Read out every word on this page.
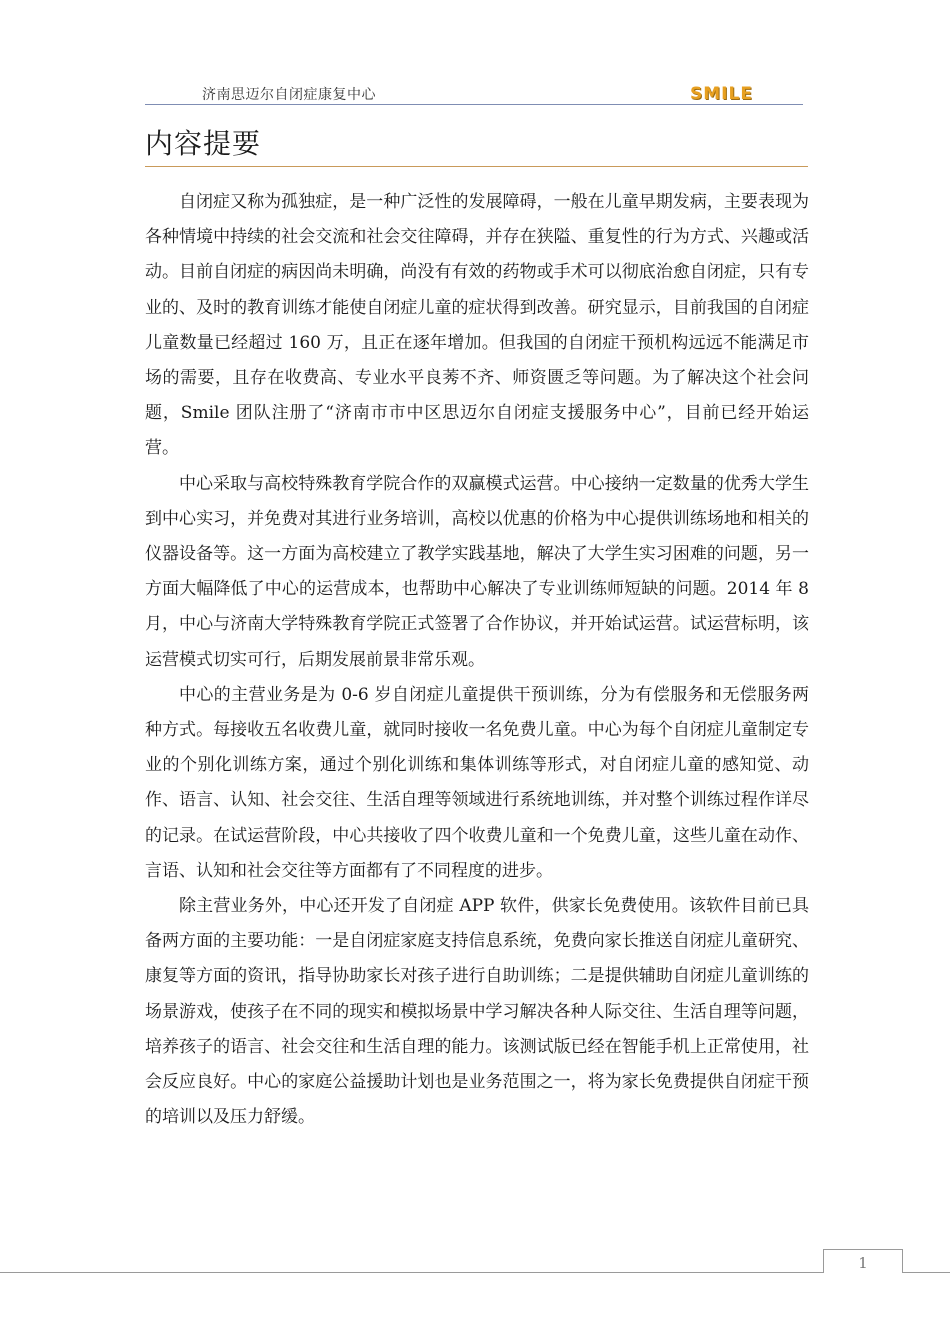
济南思迈尔自闭症康复中心	SMILE
内容提要

自闭症又称为孤独症，是一种广泛性的发展障碍，一般在儿童早期发病，主要表现为各种情境中持续的社会交流和社会交往障碍，并存在狭隘、重复性的行为方式、兴趣或活动。目前自闭症的病因尚未明确，尚没有有效的药物或手术可以彻底治愈自闭症，只有专业的、及时的教育训练才能使自闭症儿童的症状得到改善。研究显示，目前我国的自闭症儿童数量已经超过 160 万，且正在逐年增加。但我国的自闭症干预机构远远不能满足市场的需要，且存在收费高、专业水平良莠不齐、师资匮乏等问题。为了解决这个社会问题，Smile 团队注册了“济南市市中区思迈尔自闭症支援服务中心”，目前已经开始运营。

中心采取与高校特殊教育学院合作的双赢模式运营。中心接纳一定数量的优秀大学生到中心实习，并免费对其进行业务培训，高校以优惠的价格为中心提供训练场地和相关的仪器设备等。这一方面为高校建立了教学实践基地，解决了大学生实习困难的问题，另一方面大幅降低了中心的运营成本，也帮助中心解决了专业训练师短缺的问题。2014 年 8 月，中心与济南大学特殊教育学院正式签署了合作协议，并开始试运营。试运营标明，该运营模式切实可行，后期发展前景非常乐观。

中心的主营业务是为 0-6 岁自闭症儿童提供干预训练，分为有偿服务和无偿服务两种方式。每接收五名收费儿童，就同时接收一名免费儿童。中心为每个自闭症儿童制定专业的个别化训练方案，通过个别化训练和集体训练等形式，对自闭症儿童的感知觉、动作、语言、认知、社会交往、生活自理等领域进行系统地训练，并对整个训练过程作详尽的记录。在试运营阶段，中心共接收了四个收费儿童和一个免费儿童，这些儿童在动作、言语、认知和社会交往等方面都有了不同程度的进步。

除主营业务外，中心还开发了自闭症 APP 软件，供家长免费使用。该软件目前已具备两方面的主要功能：一是自闭症家庭支持信息系统，免费向家长推送自闭症儿童研究、康复等方面的资讯，指导协助家长对孩子进行自助训练；二是提供辅助自闭症儿童训练的场景游戏，使孩子在不同的现实和模拟场景中学习解决各种人际交往、生活自理等问题，培养孩子的语言、社会交往和生活自理的能力。该测试版已经在智能手机上正常使用，社会反应良好。中心的家庭公益援助计划也是业务范围之一，将为家长免费提供自闭症干预的培训以及压力舒缓。

1
